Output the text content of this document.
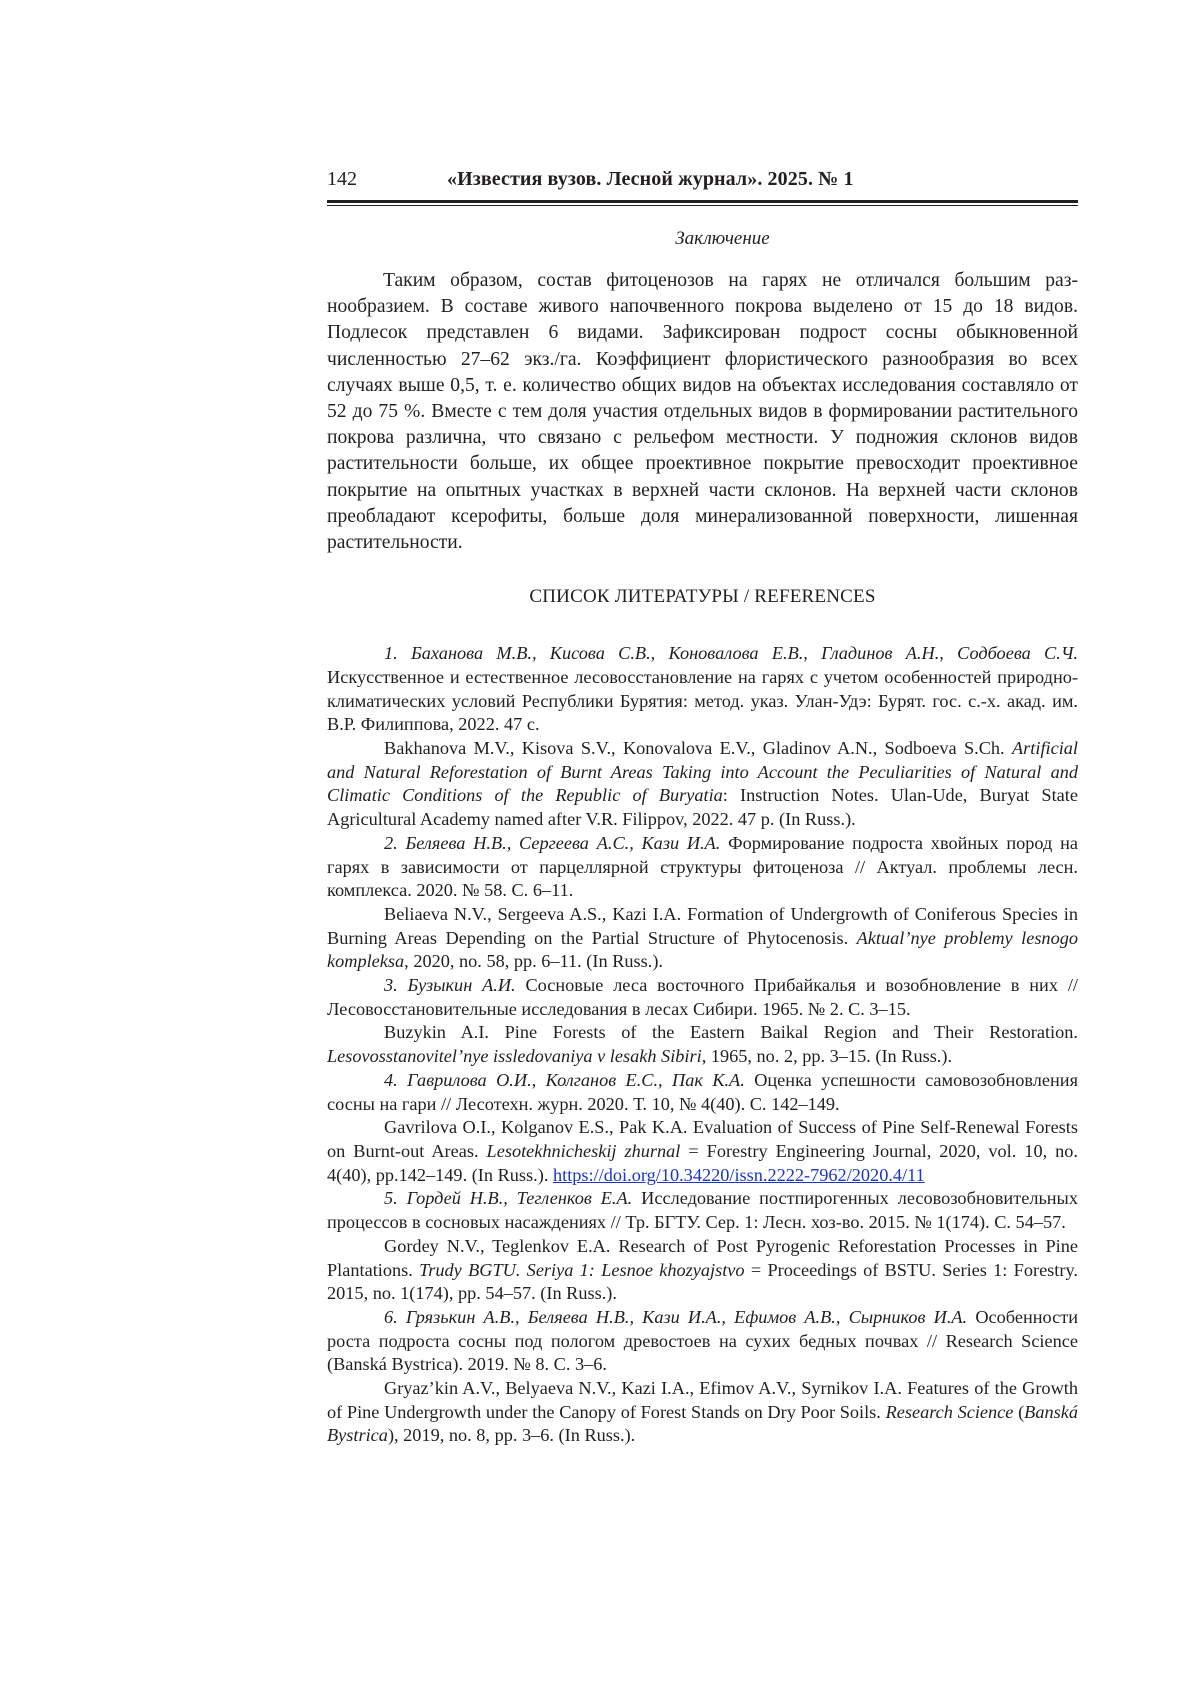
142	«Известия вузов. Лесной журнал». 2025. № 1
Заключение

Таким образом, состав фитоценозов на гарях не отличался большим раз­нообразием. В составе живого напочвенного покрова выделено от 15 до 18 ви­дов. Подлесок представлен 6 видами. Зафиксирован подрост сосны обыкновен­ной численностью 27–62 экз./га. Коэффициент флористического разнообразия во всех случаях выше 0,5, т. е. количество общих видов на объектах исследо­вания составляло от 52 до 75 %. Вместе с тем доля участия отдельных видов в формировании растительного покрова различна, что связано с рельефом мест­ности. У подножия склонов видов растительности больше, их общее проектив­ное покрытие превосходит проективное покрытие на опытных участках в верх­ней части склонов. На верхней части склонов преобладают ксерофиты, больше доля минерализованной поверхности, лишенная растительности.

СПИСОК ЛИТЕРАТУРЫ / REFERENCES

1. Баханова М.В., Кисова С.В., Коновалова Е.В., Гладинов А.Н., Содбоева С.Ч. Искусственное и естественное лесовосстановление на гарях с учетом особенностей природно-климатических условий Республики Бурятия: метод. указ. Улан-Удэ: Бурят. гос. с.-х. акад. им. В.Р. Филиппова, 2022. 47 с.

Bakhanova M.V., Kisova S.V., Konovalova E.V., Gladinov A.N., Sodboeva S.Ch. Artificial and Natural Reforestation of Burnt Areas Taking into Account the Peculiarities of Natural and Climatic Conditions of the Republic of Buryatia: Instruction Notes. Ulan-Ude, Buryat State Agricultural Academy named after V.R. Filippov, 2022. 47 p. (In Russ.).

2. Беляева Н.В., Сергеева А.С., Кази И.А. Формирование подроста хвойных пород на гарях в зависимости от парцеллярной структуры фитоценоза // Актуал. проблемы лесн. комплекса. 2020. № 58. С. 6–11.

Beliaeva N.V., Sergeeva A.S., Kazi I.A. Formation of Undergrowth of Coniferous Species in Burning Areas Depending on the Partial Structure of Phytocenosis. Aktual’nye problemy lesnogo kompleksa, 2020, no. 58, pp. 6–11. (In Russ.).

3. Бузыкин А.И. Сосновые леса восточного Прибайкалья и возобновление в них // Лесовосстановительные исследования в лесах Сибири. 1965. № 2. С. 3–15.

Buzykin A.I. Pine Forests of the Eastern Baikal Region and Their Restoration. Lesovosstanovitel’nye issledovaniya v lesakh Sibiri, 1965, no. 2, pp. 3–15. (In Russ.).

4. Гаврилова О.И., Колганов Е.С., Пак К.А. Оценка успешности самовозобновле­ния сосны на гари // Лесотехн. журн. 2020. Т. 10, № 4(40). С. 142–149.

Gavrilova O.I., Kolganov E.S., Pak K.A. Evaluation of Success of Pine Self-Renewal Forests on Burnt-out Areas. Lesotekhnicheskij zhurnal = Forestry Engineering Journal, 2020, vol. 10, no. 4(40), pp.142–149. (In Russ.). https://doi.org/10.34220/issn.2222-7962/2020.4/11

5. Гордей Н.В., Тегленков Е.А. Исследование постпирогенных лесовозобнови­тельных процессов в сосновых насаждениях // Тр. БГТУ. Сер. 1: Лесн. хоз-во. 2015. № 1(174). С. 54–57.

Gordey N.V., Teglenkov E.A. Research of Post Pyrogenic Reforestation Processes in Pine Plantations. Trudy BGTU. Seriya 1: Lesnoe khozyajstvo = Proceedings of BSTU. Series 1: Forestry. 2015, no. 1(174), pp. 54–57. (In Russ.).

6. Грязькин А.В., Беляева Н.В., Кази И.А., Ефимов А.В., Сырников И.А. Особенности роста подроста сосны под пологом древостоев на сухих бедных почвах // Research Science (Banská Bystrica). 2019. № 8. С. 3–6.

Gryaz’kin A.V., Belyaeva N.V., Kazi I.A., Efimov A.V., Syrnikov I.A. Features of the Growth of Pine Undergrowth under the Canopy of Forest Stands on Dry Poor Soils. Research Science (Banská Bystrica), 2019, no. 8, pp. 3–6. (In Russ.).
